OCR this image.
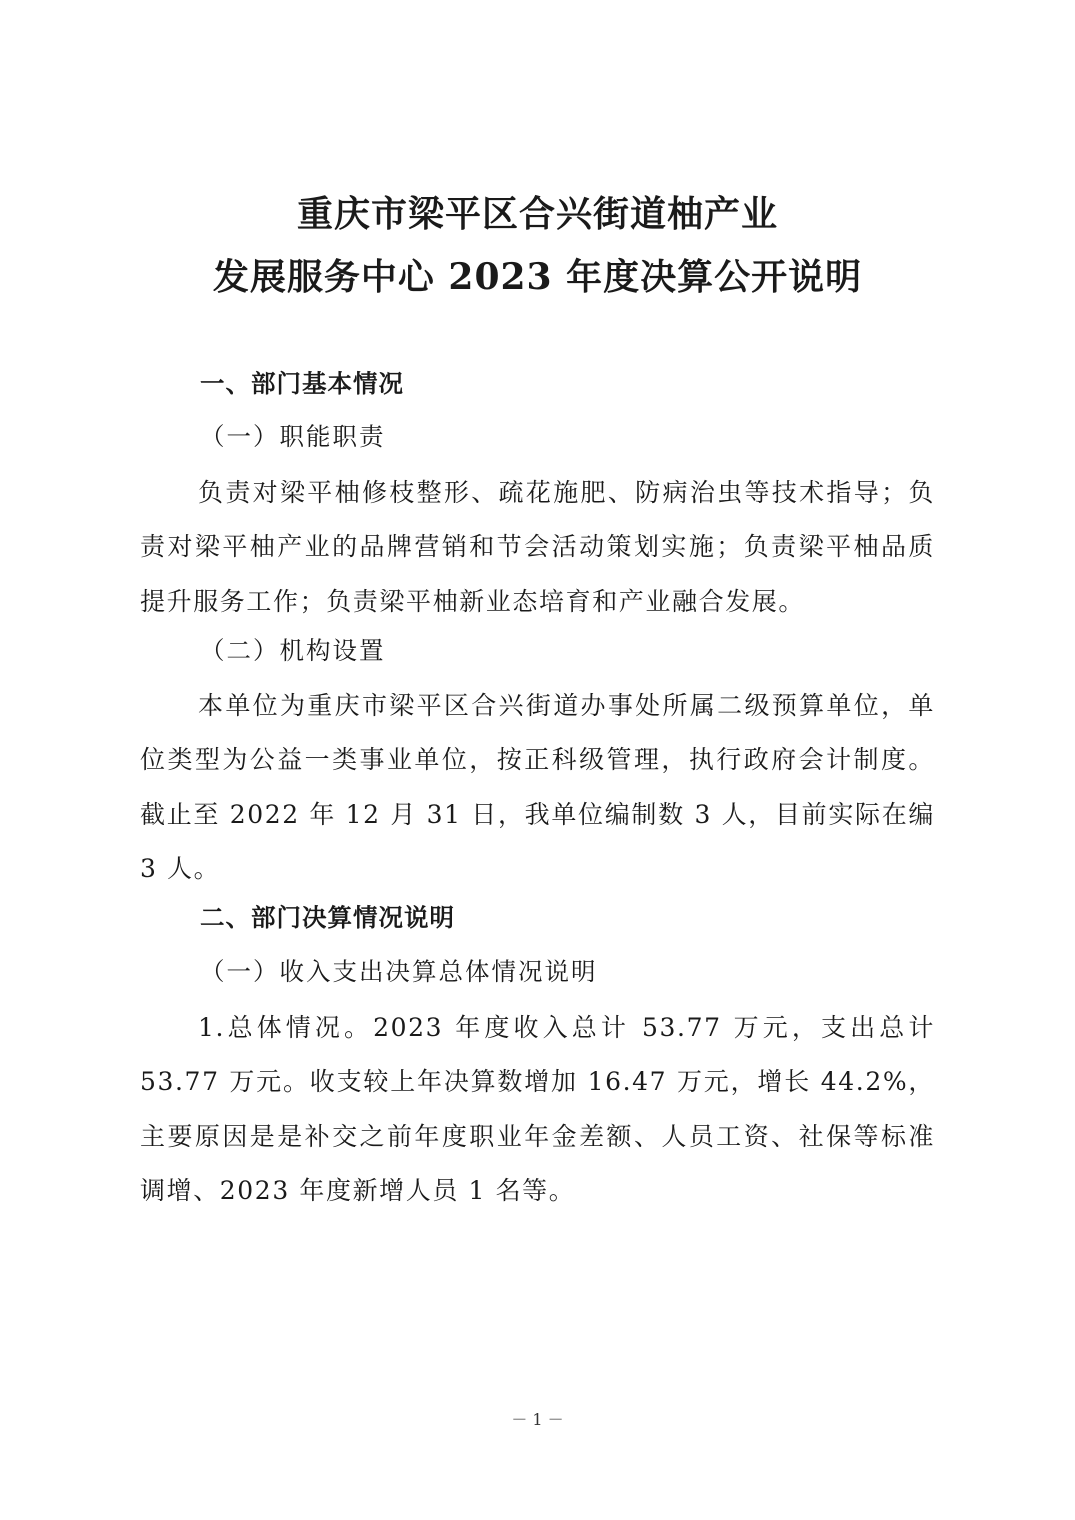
重庆市梁平区合兴街道柚产业
发展服务中心 2023 年度决算公开说明
一、部门基本情况
（一）职能职责
负责对梁平柚修枝整形、疏花施肥、防病治虫等技术指导；负责对梁平柚产业的品牌营销和节会活动策划实施；负责梁平柚品质提升服务工作；负责梁平柚新业态培育和产业融合发展。
（二）机构设置
本单位为重庆市梁平区合兴街道办事处所属二级预算单位，单位类型为公益一类事业单位，按正科级管理，执行政府会计制度。截止至 2022 年 12 月 31 日，我单位编制数 3 人，目前实际在编 3 人。
二、部门决算情况说明
（一）收入支出决算总体情况说明
1.总体情况。2023 年度收入总计 53.77 万元，支出总计 53.77 万元。收支较上年决算数增加 16.47 万元，增长 44.2%，主要原因是是补交之前年度职业年金差额、人员工资、社保等标准调增、2023 年度新增人员 1 名等。
－ 1 －
